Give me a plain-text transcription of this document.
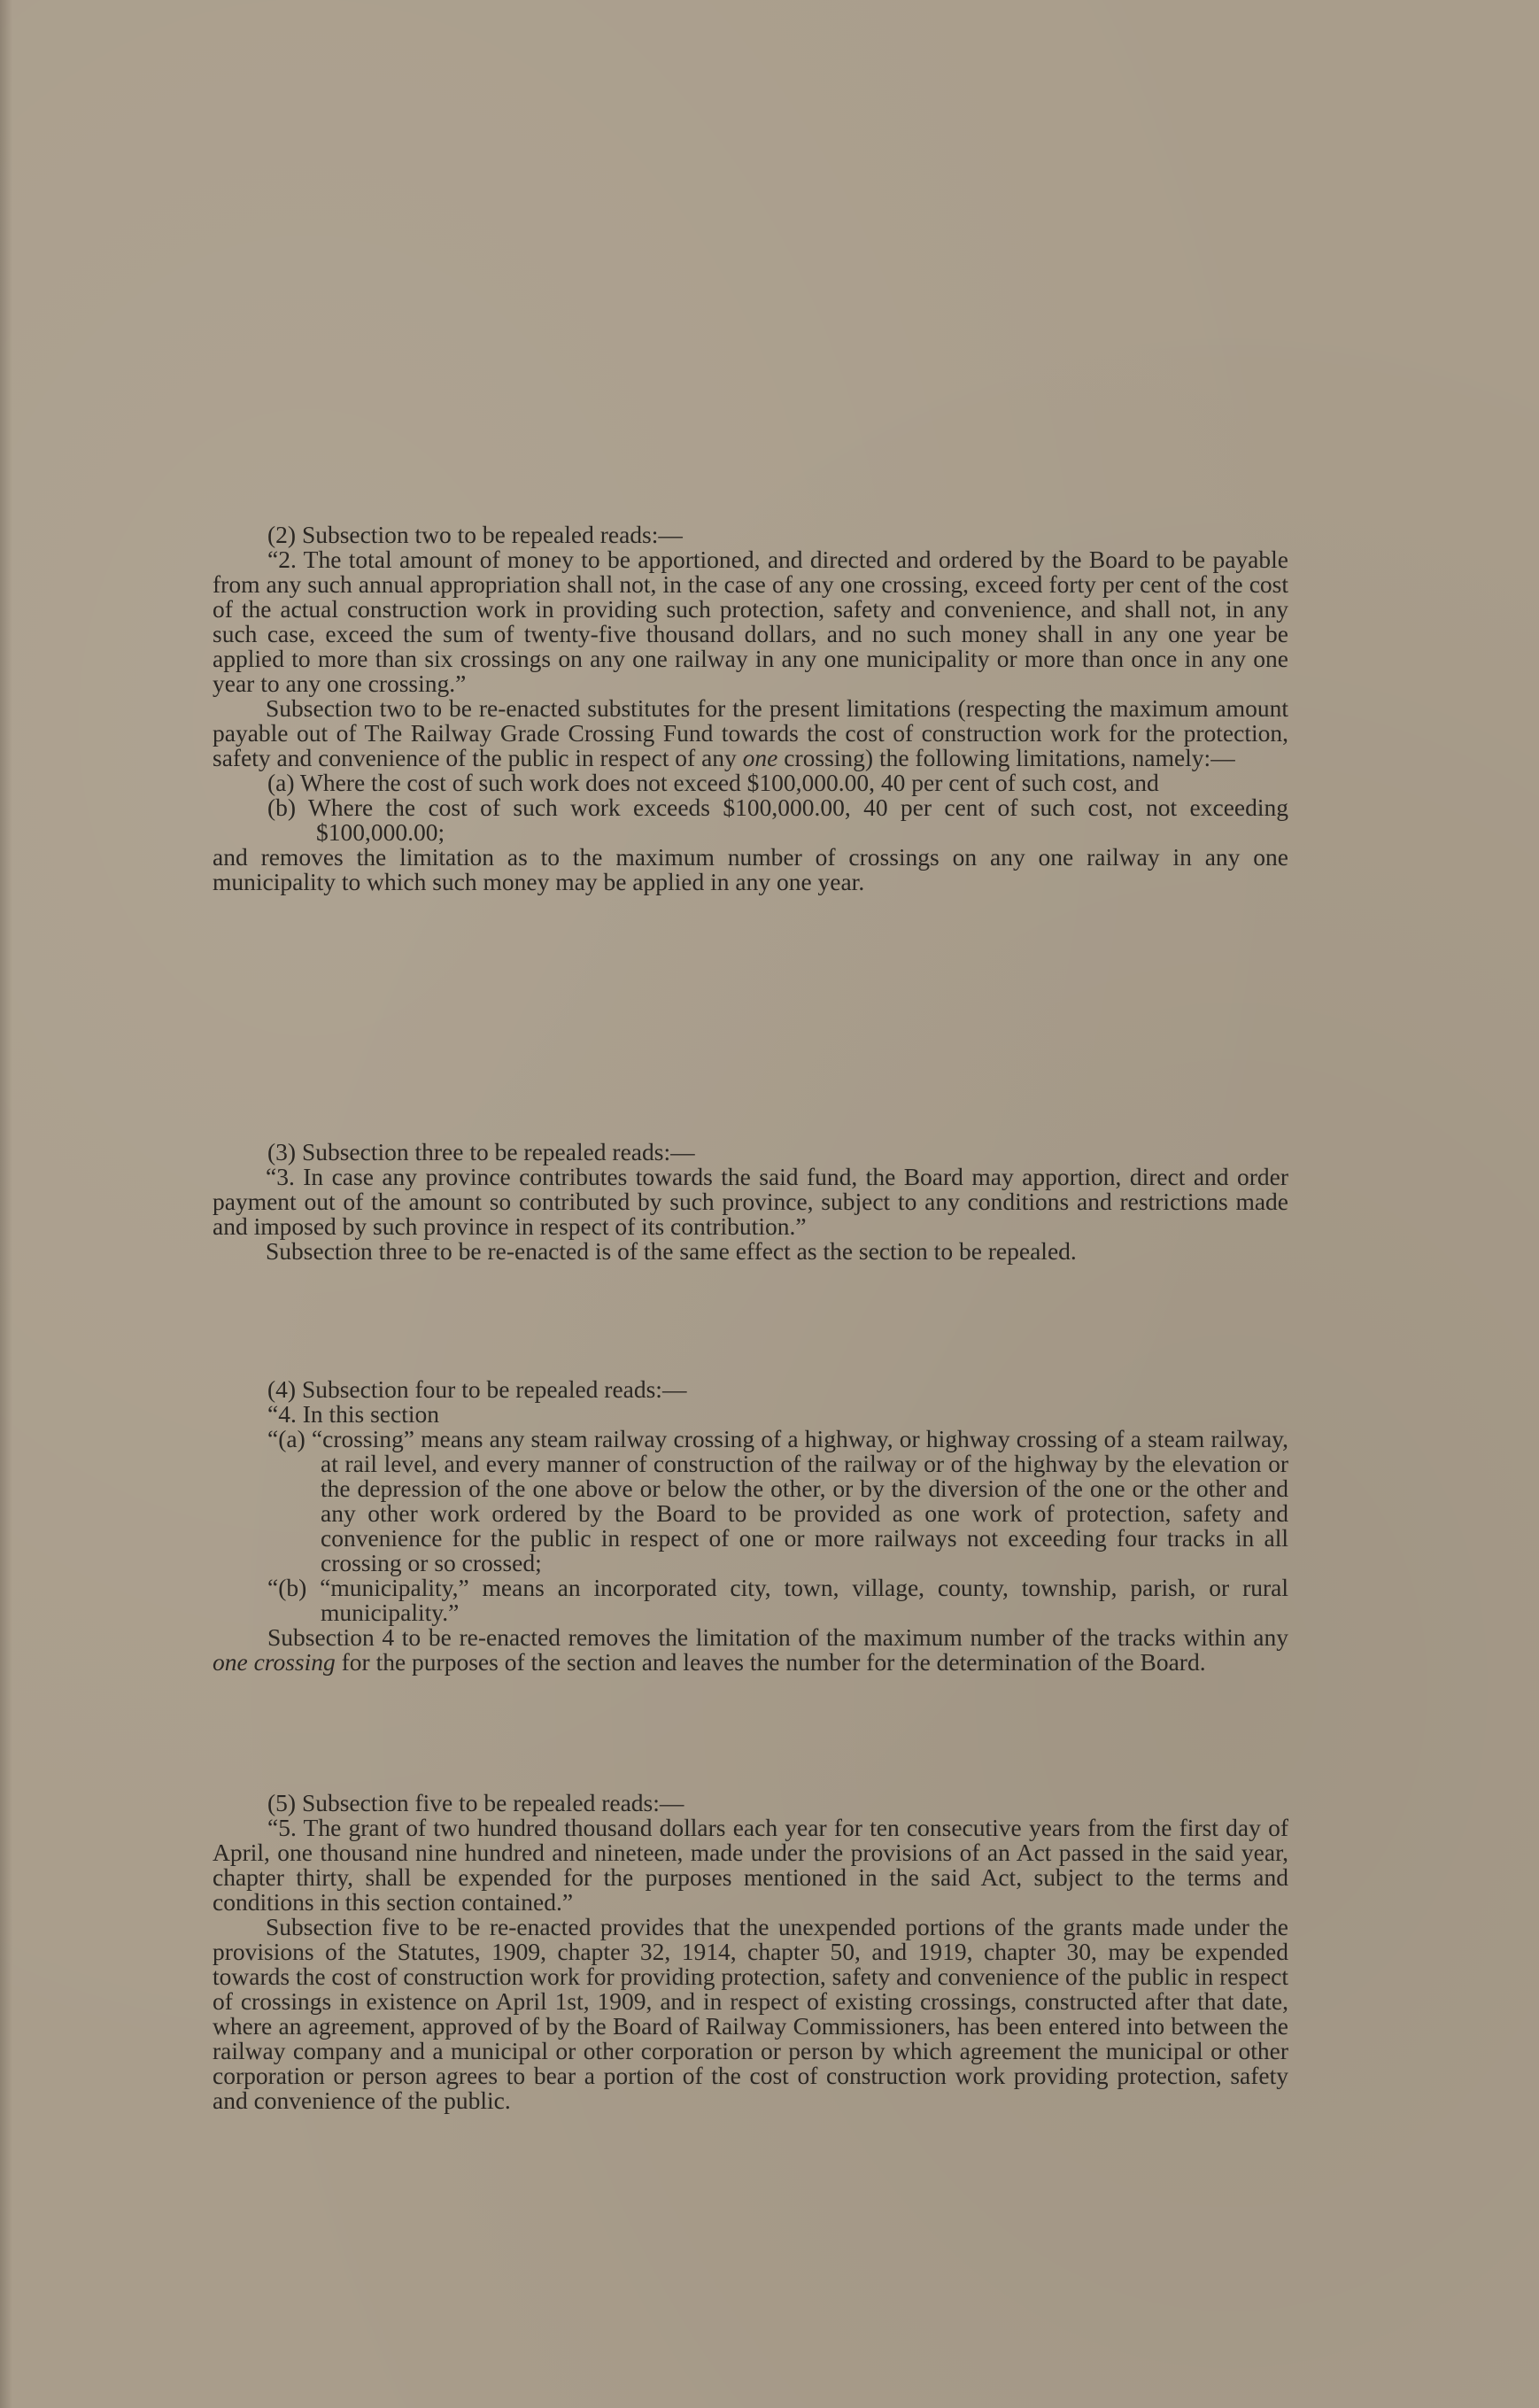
(2) Subsection two to be repealed reads:—

“2. The total amount of money to be apportioned, and directed and ordered by the Board to be payable from any such annual appropriation shall not, in the case of any one crossing, exceed forty per cent of the cost of the actual construction work in providing such protection, safety and convenience, and shall not, in any such case, exceed the sum of twenty-five thousand dollars, and no such money shall in any one year be applied to more than six crossings on any one railway in any one municipality or more than once in any one year to any one crossing.”

Subsection two to be re-enacted substitutes for the present limitations (respecting the maximum amount payable out of The Railway Grade Crossing Fund towards the cost of construction work for the protection, safety and convenience of the public in respect of any one crossing) the following limitations, namely:—

(a) Where the cost of such work does not exceed $100,000.00, 40 per cent of such cost, and

(b) Where the cost of such work exceeds $100,000.00, 40 per cent of such cost, not exceeding $100,000.00;

and removes the limitation as to the maximum number of crossings on any one railway in any one municipality to which such money may be applied in any one year.

(3) Subsection three to be repealed reads:—

“3. In case any province contributes towards the said fund, the Board may apportion, direct and order payment out of the amount so contributed by such province, subject to any conditions and restrictions made and imposed by such province in respect of its contribution.”

Subsection three to be re-enacted is of the same effect as the section to be repealed.

(4) Subsection four to be repealed reads:—

“4. In this section

“(a) “crossing” means any steam railway crossing of a highway, or highway crossing of a steam railway, at rail level, and every manner of construction of the railway or of the highway by the elevation or the depression of the one above or below the other, or by the diversion of the one or the other and any other work ordered by the Board to be provided as one work of protection, safety and convenience for the public in respect of one or more railways not exceeding four tracks in all crossing or so crossed;

“(b) “municipality,” means an incorporated city, town, village, county, township, parish, or rural municipality.”

Subsection 4 to be re-enacted removes the limitation of the maximum number of the tracks within any one crossing for the purposes of the section and leaves the number for the determination of the Board.

(5) Subsection five to be repealed reads:—

“5. The grant of two hundred thousand dollars each year for ten consecutive years from the first day of April, one thousand nine hundred and nineteen, made under the provisions of an Act passed in the said year, chapter thirty, shall be expended for the purposes mentioned in the said Act, subject to the terms and conditions in this section contained.”

Subsection five to be re-enacted provides that the unexpended portions of the grants made under the provisions of the Statutes, 1909, chapter 32, 1914, chapter 50, and 1919, chapter 30, may be expended towards the cost of construction work for providing protection, safety and convenience of the public in respect of crossings in existence on April 1st, 1909, and in respect of existing crossings, constructed after that date, where an agreement, approved of by the Board of Railway Commissioners, has been entered into between the railway company and a municipal or other corporation or person by which agreement the municipal or other corporation or person agrees to bear a portion of the cost of construction work providing protection, safety and convenience of the public.
